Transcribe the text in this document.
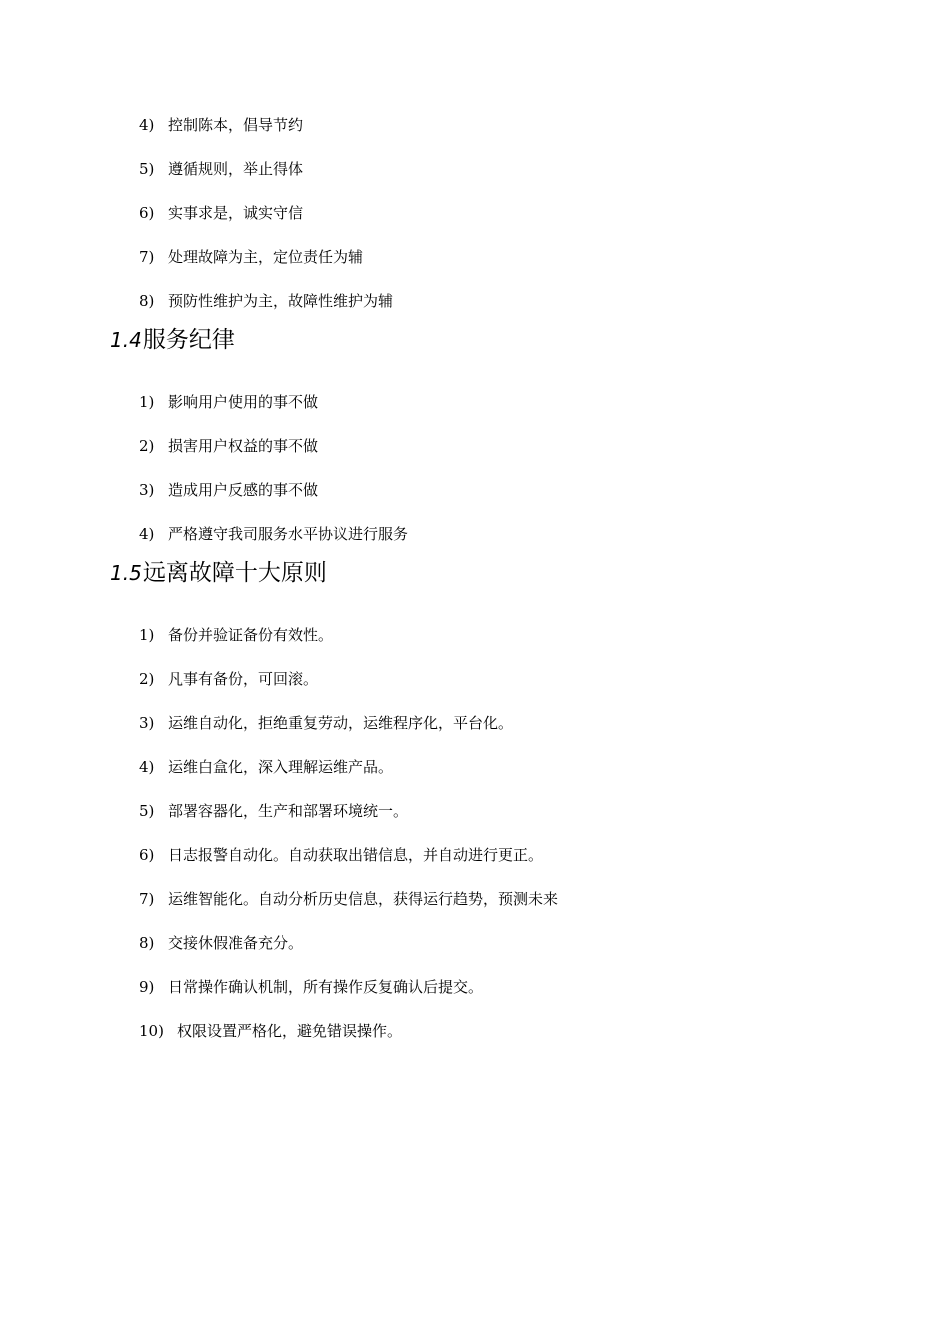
4) 控制陈本，倡导节约
5) 遵循规则，举止得体
6) 实事求是，诚实守信
7) 处理故障为主，定位责任为辅
8) 预防性维护为主，故障性维护为辅
1.4服务纪律
1) 影响用户使用的事不做
2) 损害用户权益的事不做
3) 造成用户反感的事不做
4) 严格遵守我司服务水平协议进行服务
1.5远离故障十大原则
1) 备份并验证备份有效性。
2) 凡事有备份，可回滚。
3) 运维自动化，拒绝重复劳动，运维程序化，平台化。
4) 运维白盒化，深入理解运维产品。
5) 部署容器化，生产和部署环境统一。
6) 日志报警自动化。自动获取出错信息，并自动进行更正。
7) 运维智能化。自动分析历史信息，获得运行趋势，预测未来
8) 交接休假准备充分。
9) 日常操作确认机制，所有操作反复确认后提交。
10) 权限设置严格化，避免错误操作。
